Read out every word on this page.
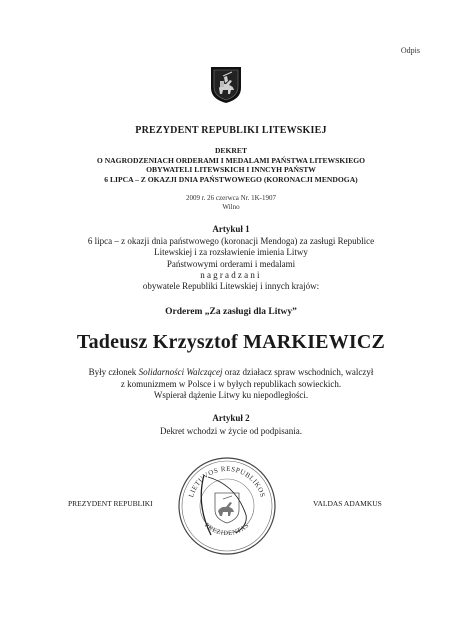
Odpis
PREZYDENT REPUBLIKI LITEWSKIEJ
DEKRET
O NAGRODZENIACH ORDERAMI I MEDALAMI PAŃSTWA LITEWSKIEGO
OBYWATELI LITEWSKICH I INNCYH PAŃSTW
6 LIPCA – Z OKAZJI DNIA PAŃSTWOWEGO (KORONACJI MENDOGA)
2009 r. 26 czerwca Nr. 1K-1907
Wilno
Artykuł 1
6 lipca – z okazji dnia państwowego (koronacji Mendoga) za zasługi Republice
Litewskiej i za rozsławienie imienia Litwy
Państwowymi orderami i medalami
nagradzani
obywatele Republiki Litewskiej i innych krajów:
Orderem „Za zasługi dla Litwy”
Tadeusz Krzysztof MARKIEWICZ
Były członek Solidarności Walczącej oraz działacz spraw wschodnich, walczył
z komunizmem w Polsce i w byłych republikach sowieckich.
Wspierał dążenie Litwy ku niepodległości.
Artykuł 2
Dekret wchodzi w życie od podpisania.
PREZYDENT REPUBLIKI	VALDAS ADAMKUS
LIETUVOS RESPUBLIKOS
PREZIDENTAS
